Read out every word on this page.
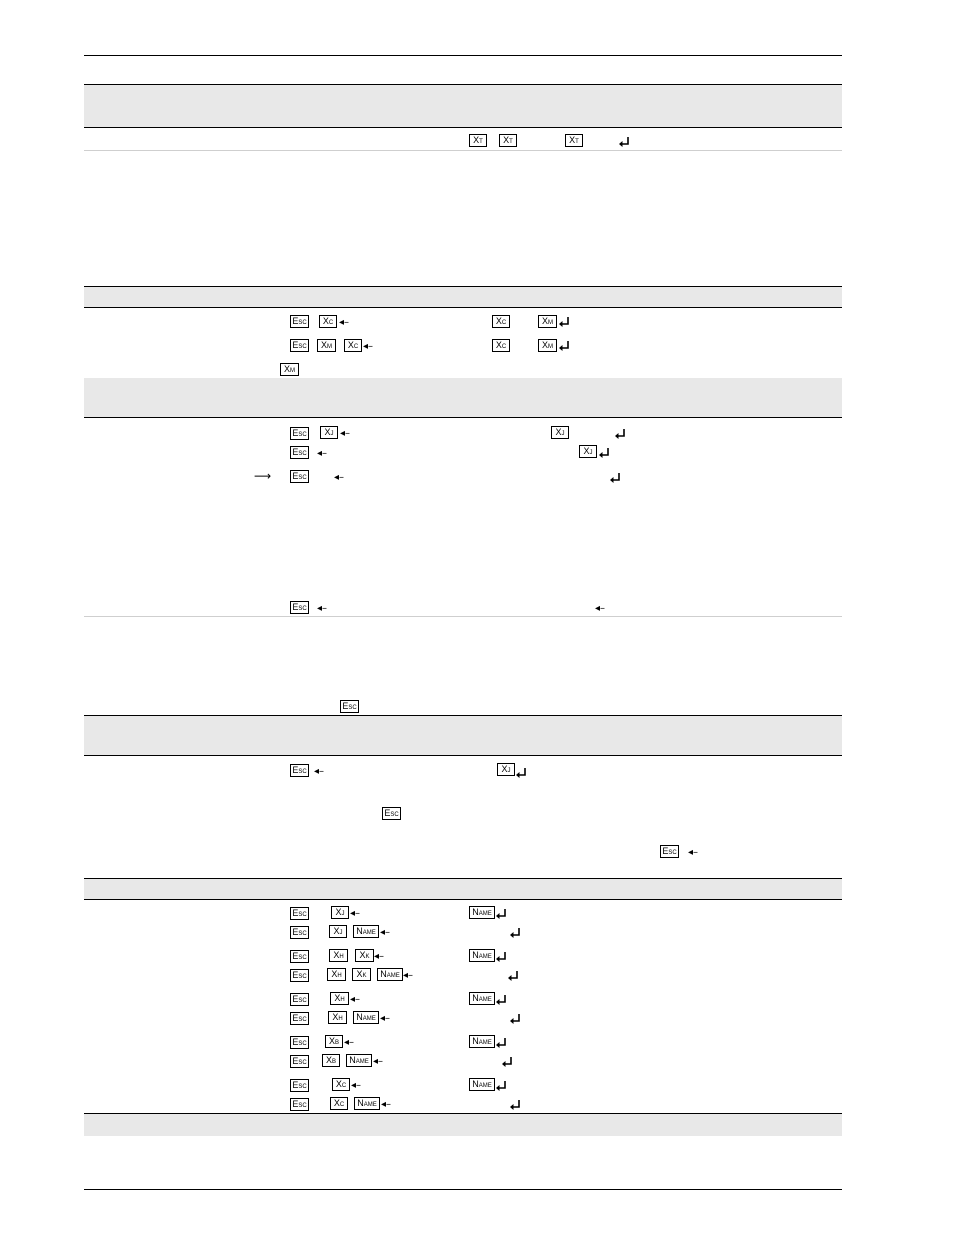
XT	XT	XT
ESC	XC ◂–	XC	XM
ESC	XM	XC ◂–	XC	XM
XM
ESC	XJ ◂–	XJ
ESC ◂–	XJ
⟶ ESC	◂–
ESC ◂–	◂–
ESC
ESC ◂–	XJ
ESC
ESC ◂–
ESC	XJ ◂–	NAME
ESC	XJ	NAME ◂–
ESC	XH	XK ◂–	NAME
ESC	XH	XK	NAME ◂–
ESC	XH ◂–	NAME
ESC	XH	NAME ◂–
ESC	XB ◂–	NAME
ESC	XB	NAME ◂–
ESC	XC ◂–	NAME
ESC	XC	NAME ◂–
